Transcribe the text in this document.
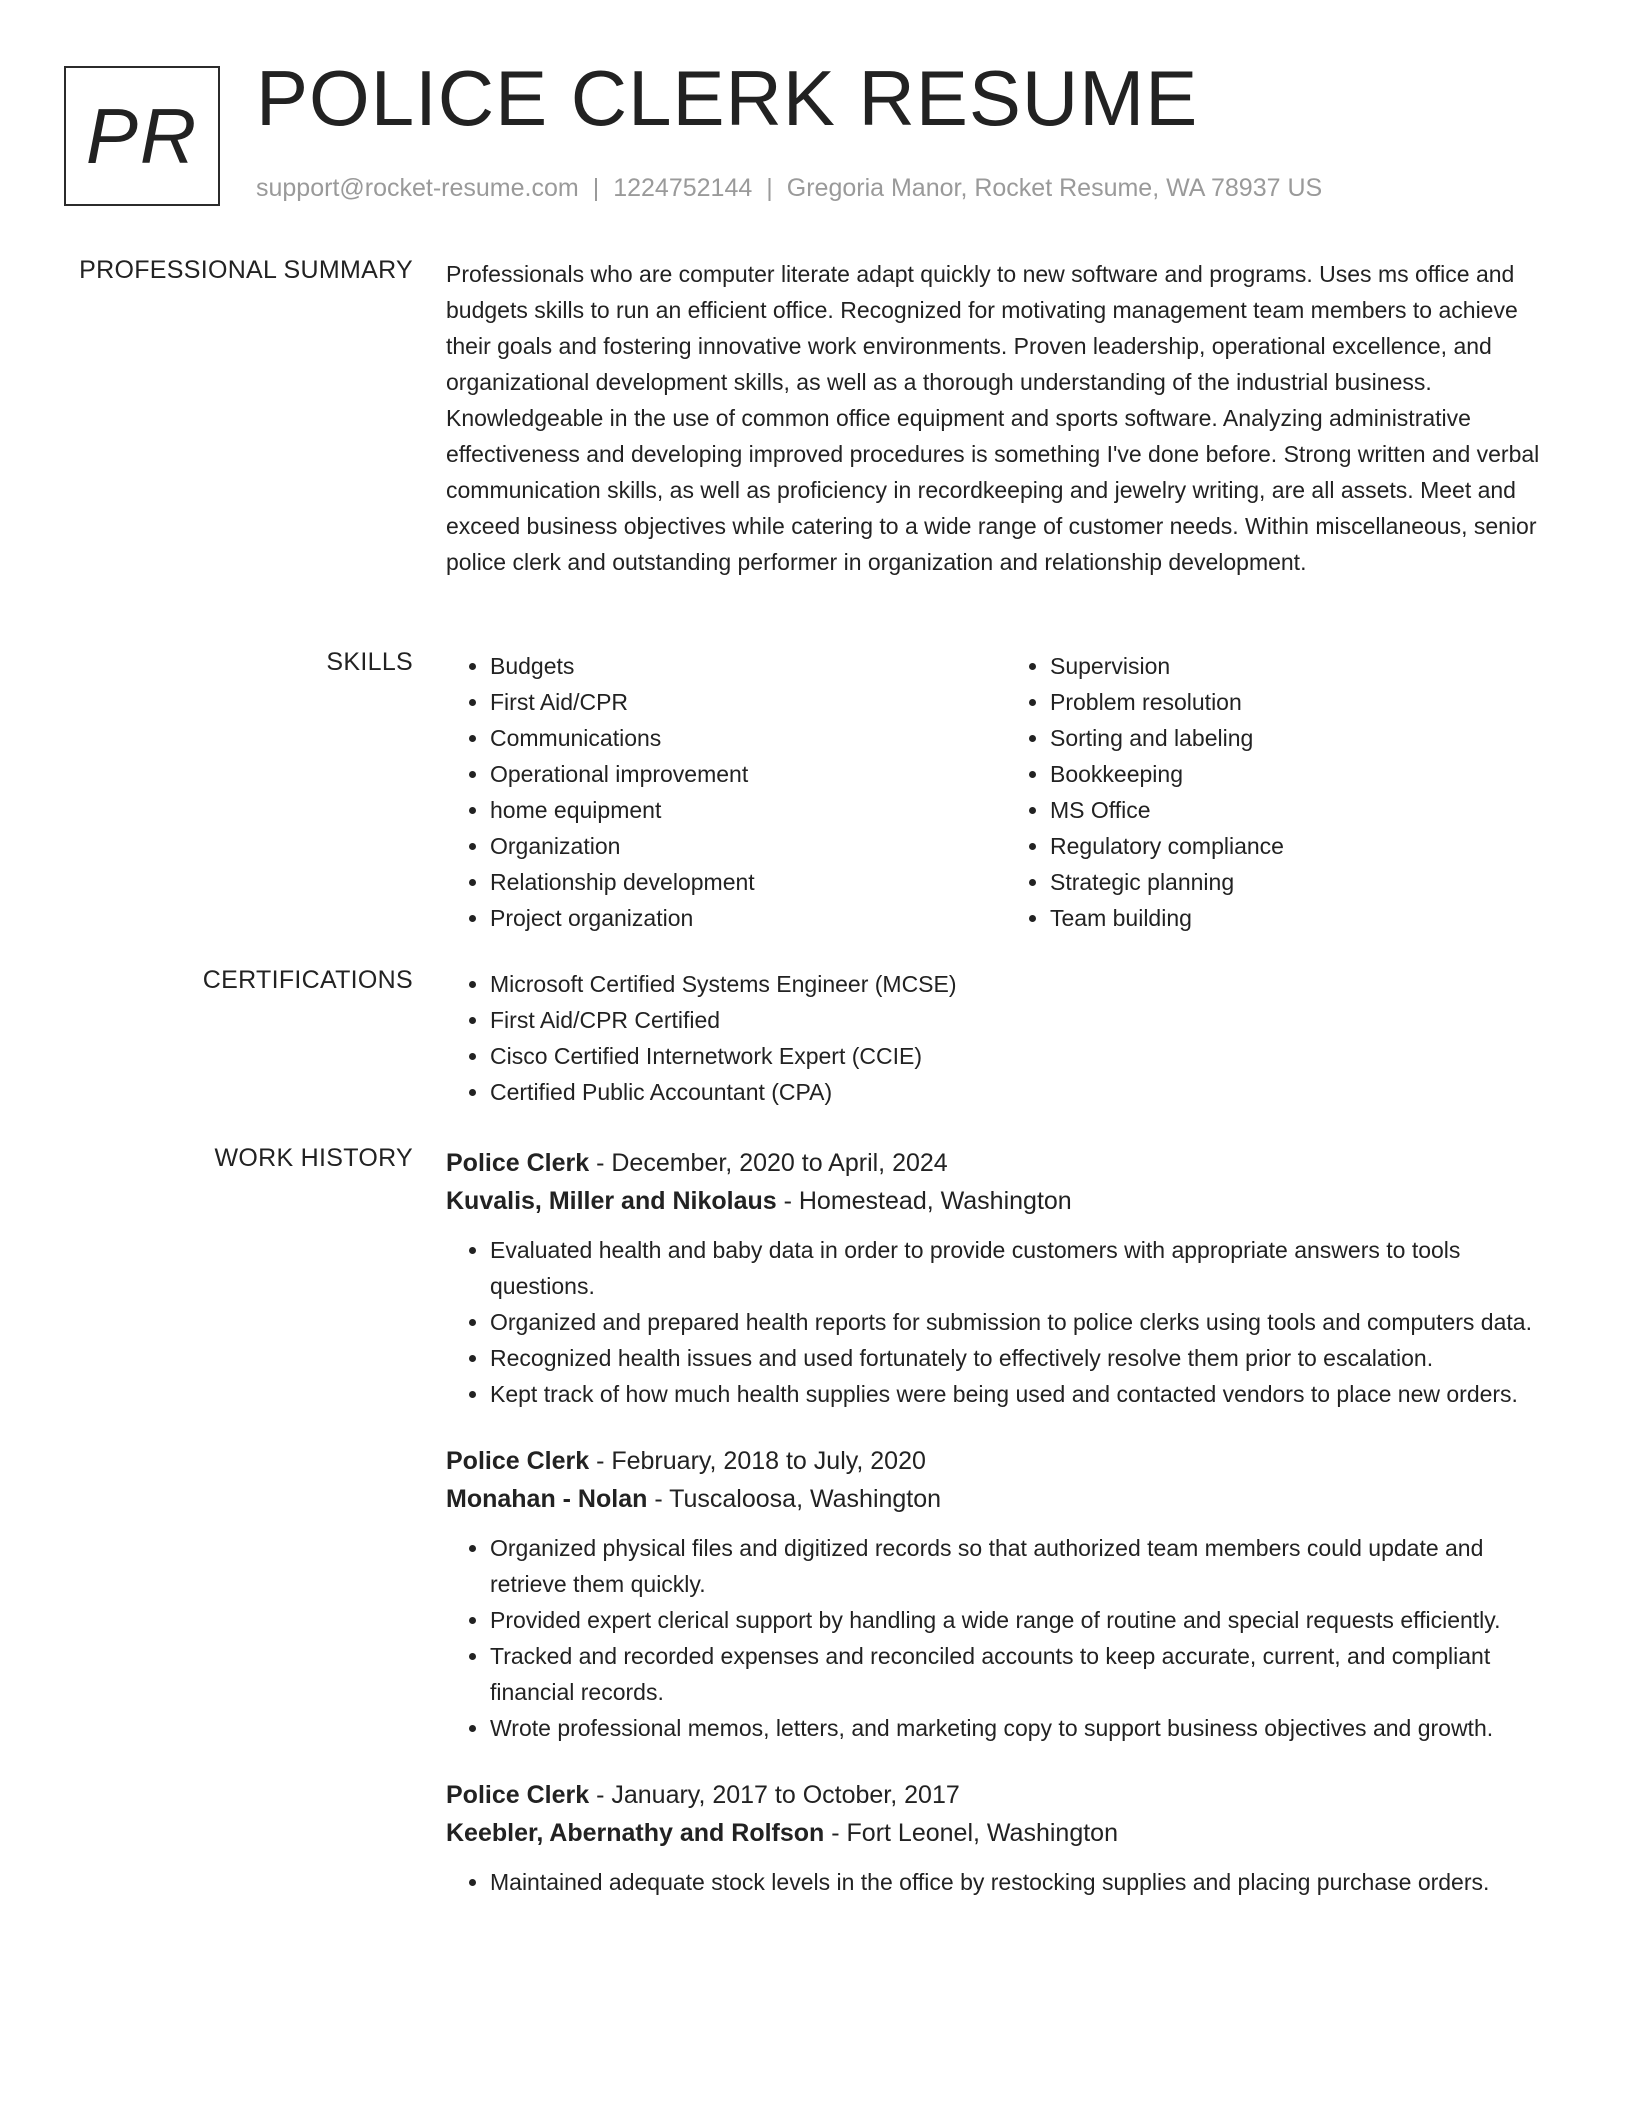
PR POLICE CLERK RESUME
support@rocket-resume.com | 1224752144 | Gregoria Manor, Rocket Resume, WA 78937 US
PROFESSIONAL SUMMARY Professionals who are computer literate adapt quickly to new software and programs. Uses ms office and budgets skills to run an efficient office. Recognized for motivating management team members to achieve their goals and fostering innovative work environments. Proven leadership, operational excellence, and organizational development skills, as well as a thorough understanding of the industrial business. Knowledgeable in the use of common office equipment and sports software. Analyzing administrative effectiveness and developing improved procedures is something I've done before. Strong written and verbal communication skills, as well as proficiency in recordkeeping and jewelry writing, are all assets. Meet and exceed business objectives while catering to a wide range of customer needs. Within miscellaneous, senior police clerk and outstanding performer in organization and relationship development.

SKILLS	• Budgets
• First Aid/CPR
• Communications
• Operational improvement
• home equipment
• Organization
• Relationship development
• Project organization
• Supervision
• Problem resolution
• Sorting and labeling
• Bookkeeping
• MS Office
• Regulatory compliance
• Strategic planning
• Team building
CERTIFICATIONS	• Microsoft Certified Systems Engineer (MCSE)
• First Aid/CPR Certified
• Cisco Certified Internetwork Expert (CCIE)
• Certified Public Accountant (CPA)
WORK HISTORY Police Clerk - December, 2020 to April, 2024
Kuvalis, Miller and Nikolaus - Homestead, Washington
• Evaluated health and baby data in order to provide customers with appropriate answers to tools questions.
• Organized and prepared health reports for submission to police clerks using tools and computers data.
• Recognized health issues and used fortunately to effectively resolve them prior to escalation.
• Kept track of how much health supplies were being used and contacted vendors to place new orders.
Police Clerk - February, 2018 to July, 2020
Monahan - Nolan - Tuscaloosa, Washington
• Organized physical files and digitized records so that authorized team members could update and retrieve them quickly.
• Provided expert clerical support by handling a wide range of routine and special requests efficiently.
• Tracked and recorded expenses and reconciled accounts to keep accurate, current, and compliant financial records.
• Wrote professional memos, letters, and marketing copy to support business objectives and growth.
Police Clerk - January, 2017 to October, 2017
Keebler, Abernathy and Rolfson - Fort Leonel, Washington
• Maintained adequate stock levels in the office by restocking supplies and placing purchase orders.
